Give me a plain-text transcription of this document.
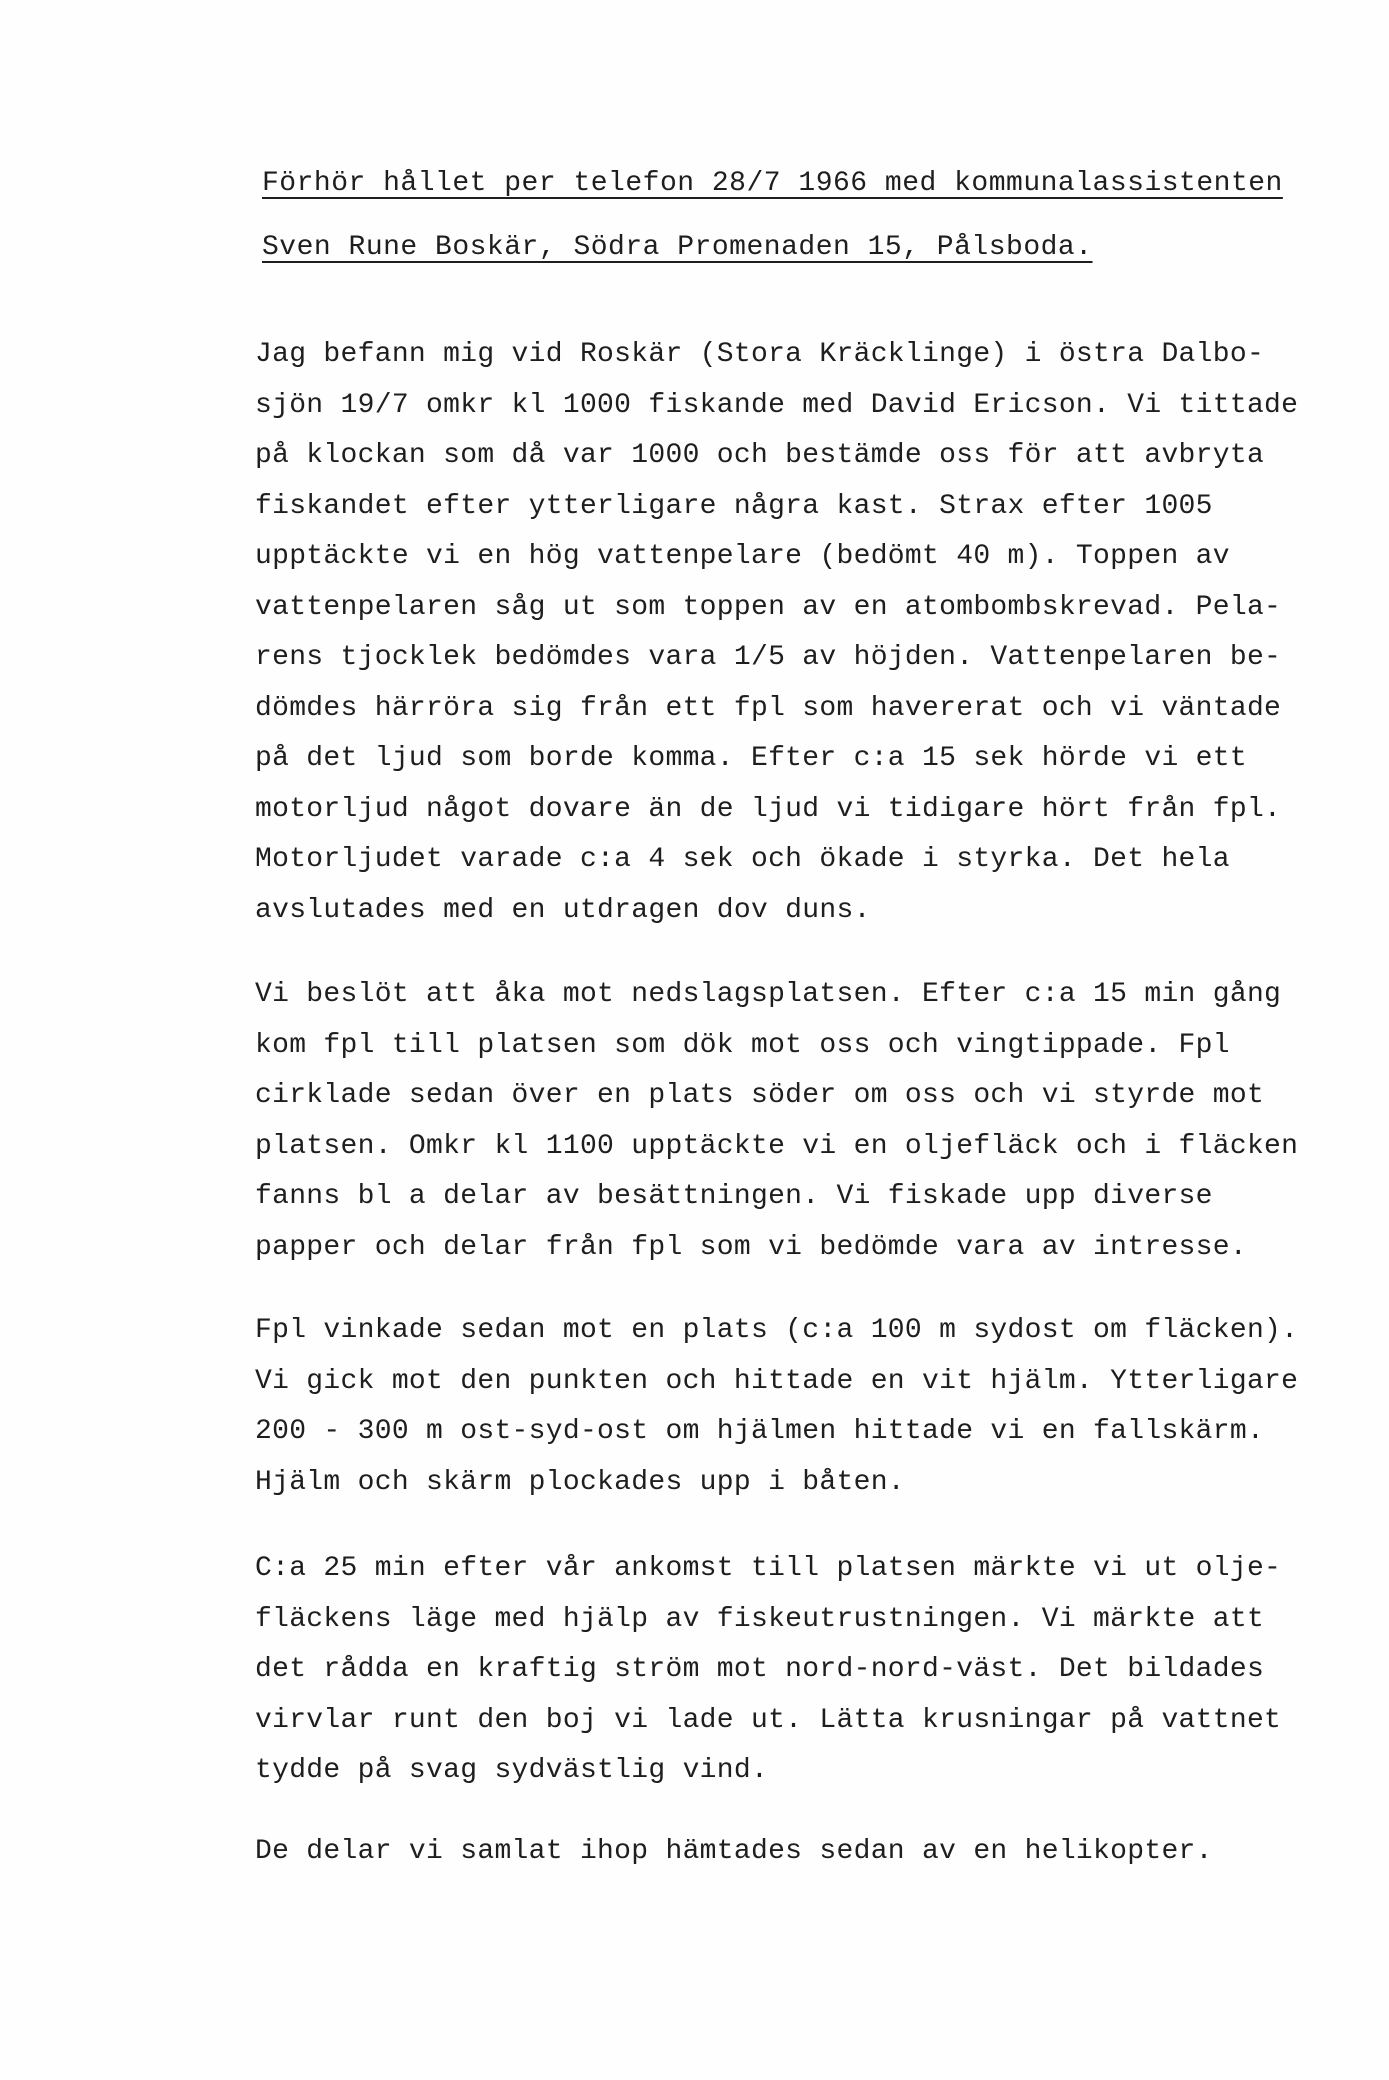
Förhör hållet per telefon 28/7 1966 med kommunalassistenten
Sven Rune Boskär, Södra Promenaden 15, Pålsboda.
Jag befann mig vid Roskär (Stora Kräcklinge) i östra Dalbo-
sjön 19/7 omkr kl 1000 fiskande med David Ericson. Vi tittade
på klockan som då var 1000 och bestämde oss för att avbryta
fiskandet efter ytterligare några kast. Strax efter 1005
upptäckte vi en hög vattenpelare (bedömt 40 m). Toppen av
vattenpelaren såg ut som toppen av en atombombskrevad. Pela-
rens tjocklek bedömdes vara 1/5 av höjden. Vattenpelaren be-
dömdes härröra sig från ett fpl som havererat och vi väntade
på det ljud som borde komma. Efter c:a 15 sek hörde vi ett
motorljud något dovare än de ljud vi tidigare hört från fpl.
Motorljudet varade c:a 4 sek och ökade i styrka. Det hela
avslutades med en utdragen dov duns.
Vi beslöt att åka mot nedslagsplatsen. Efter c:a 15 min gång
kom fpl till platsen som dök mot oss och vingtippade. Fpl
cirklade sedan över en plats söder om oss och vi styrde mot
platsen. Omkr kl 1100 upptäckte vi en oljefläck och i fläcken
fanns bl a delar av besättningen. Vi fiskade upp diverse
papper och delar från fpl som vi bedömde vara av intresse.
Fpl vinkade sedan mot en plats (c:a 100 m sydost om fläcken).
Vi gick mot den punkten och hittade en vit hjälm. Ytterligare
200 - 300 m ost-syd-ost om hjälmen hittade vi en fallskärm.
Hjälm och skärm plockades upp i båten.
C:a 25 min efter vår ankomst till platsen märkte vi ut olje-
fläckens läge med hjälp av fiskeutrustningen. Vi märkte att
det rådda en kraftig ström mot nord-nord-väst. Det bildades
virvlar runt den boj vi lade ut. Lätta krusningar på vattnet
tydde på svag sydvästlig vind.
De delar vi samlat ihop hämtades sedan av en helikopter.
